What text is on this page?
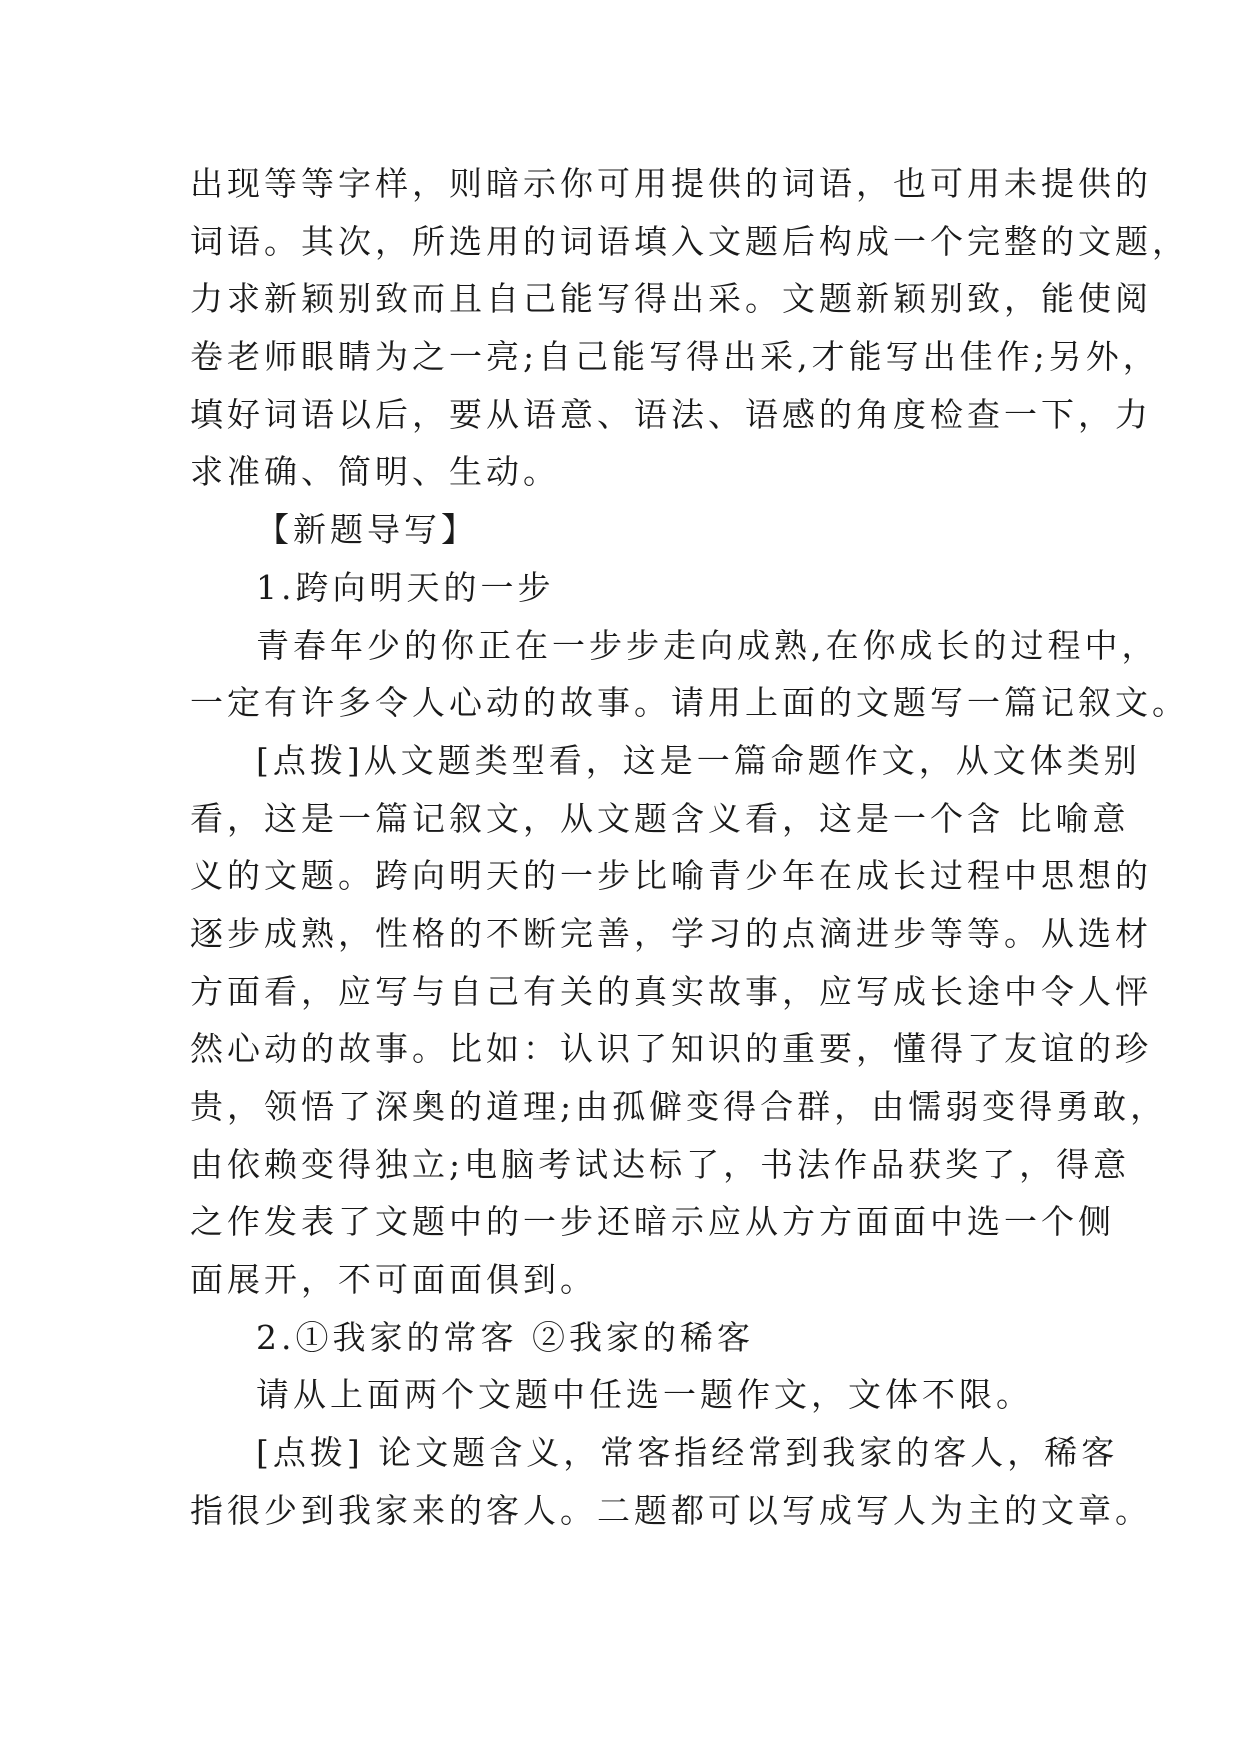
出现等等字样，则暗示你可用提供的词语，也可用未提供的
词语。其次，所选用的词语填入文题后构成一个完整的文题，
力求新颖别致而且自己能写得出采。文题新颖别致，能使阅
卷老师眼睛为之一亮;自己能写得出采,才能写出佳作;另外，
填好词语以后，要从语意、语法、语感的角度检查一下，力
求准确、简明、生动。
【新题导写】
1.跨向明天的一步
青春年少的你正在一步步走向成熟,在你成长的过程中，
一定有许多令人心动的故事。请用上面的文题写一篇记叙文。
[点拨]从文题类型看，这是一篇命题作文，从文体类别
看，这是一篇记叙文，从文题含义看，这是一个含 比喻意
义的文题。跨向明天的一步比喻青少年在成长过程中思想的
逐步成熟，性格的不断完善，学习的点滴进步等等。从选材
方面看，应写与自己有关的真实故事，应写成长途中令人怦
然心动的故事。比如：认识了知识的重要，懂得了友谊的珍
贵，领悟了深奥的道理;由孤僻变得合群，由懦弱变得勇敢，
由依赖变得独立;电脑考试达标了，书法作品获奖了，得意
之作发表了文题中的一步还暗示应从方方面面中选一个侧
面展开，不可面面俱到。
2.①我家的常客 ②我家的稀客
请从上面两个文题中任选一题作文，文体不限。
[点拨] 论文题含义，常客指经常到我家的客人，稀客
指很少到我家来的客人。二题都可以写成写人为主的文章。
